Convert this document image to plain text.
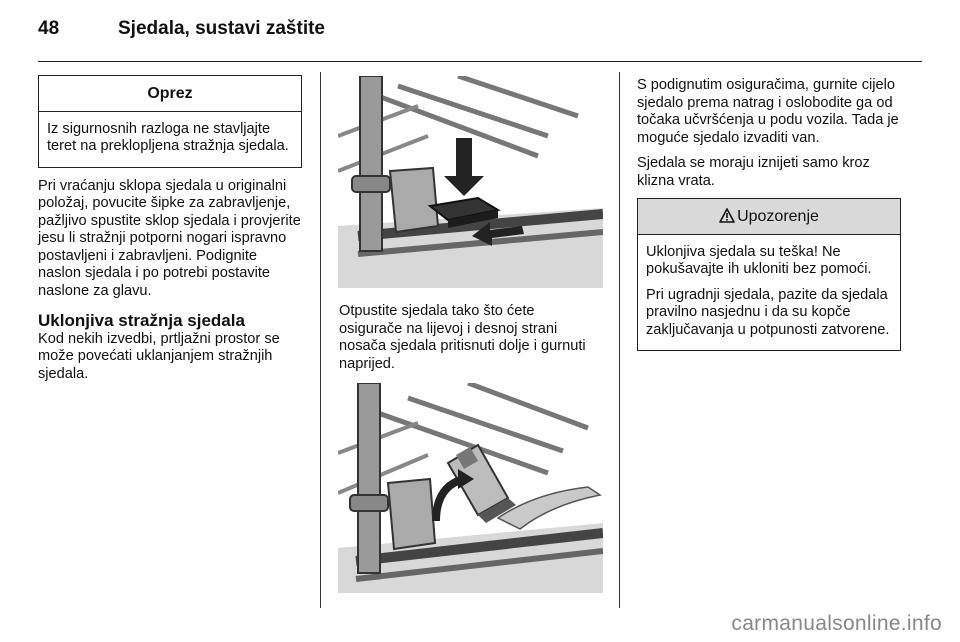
48	Sjedala, sustavi zaštite
Oprez

Iz sigurnosnih razloga ne stavljajte teret na preklopljena stražnja sjedala.

Pri vraćanju sklopa sjedala u originalni položaj, povucite šipke za zabravljenje, pažljivo spustite sklop sjedala i provjerite jesu li stražnji potporni nogari ispravno postavljeni i zabravljeni. Podignite naslon sjedala i po potrebi postavite naslone za glavu.

Uklonjiva stražnja sjedala

Kod nekih izvedbi, prtljažni prostor se može povećati uklanjanjem stražnjih sjedala.

Otpustite sjedala tako što ćete osigurače na lijevoj i desnoj strani nosača sjedala pritisnuti dolje i gurnuti naprijed.

S podignutim osiguračima, gurnite cijelo sjedalo prema natrag i oslobodite ga od točaka učvršćenja u podu vozila. Tada je moguće sjedalo izvaditi van.

Sjedala se moraju iznijeti samo kroz klizna vrata.

Upozorenje

Uklonjiva sjedala su teška! Ne pokušavajte ih ukloniti bez pomoći.

Pri ugradnji sjedala, pazite da sjedala pravilno nasjednu i da su kopče zaključavanja u potpunosti zatvorene.

carmanualsonline.info
